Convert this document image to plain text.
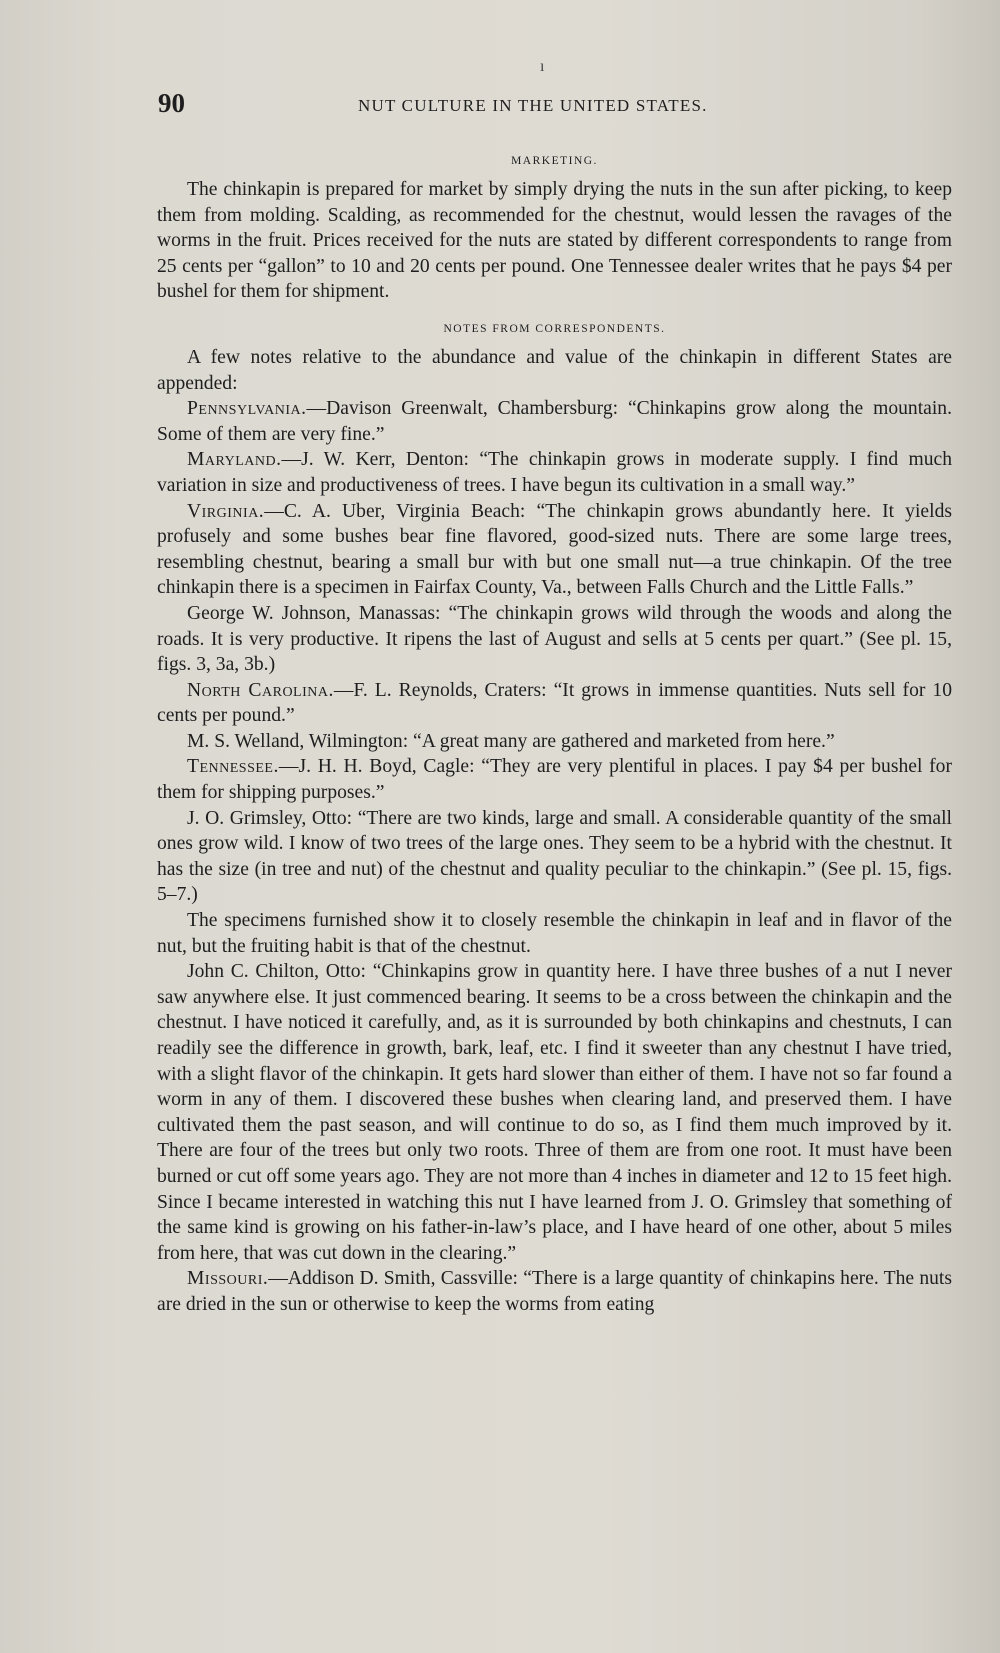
ı
90	NUT CULTURE IN THE UNITED STATES.
MARKETING.

The chinkapin is prepared for market by simply drying the nuts in the sun after picking, to keep them from molding. Scalding, as recommended for the chestnut, would lessen the ravages of the worms in the fruit. Prices received for the nuts are stated by different correspondents to range from 25 cents per “gallon” to 10 and 20 cents per pound. One Tennessee dealer writes that he pays $4 per bushel for them for shipment.

NOTES FROM CORRESPONDENTS.

A few notes relative to the abundance and value of the chinkapin in different States are appended:

Pennsylvania.—Davison Greenwalt, Chambersburg: “Chinkapins grow along the mountain. Some of them are very fine.”

Maryland.—J. W. Kerr, Denton: “The chinkapin grows in moderate supply. I find much variation in size and productiveness of trees. I have begun its cultivation in a small way.”

Virginia.—C. A. Uber, Virginia Beach: “The chinkapin grows abundantly here. It yields profusely and some bushes bear fine flavored, good-sized nuts. There are some large trees, resembling chestnut, bearing a small bur with but one small nut—a true chinkapin. Of the tree chinkapin there is a specimen in Fairfax County, Va., between Falls Church and the Little Falls.”

George W. Johnson, Manassas: “The chinkapin grows wild through the woods and along the roads. It is very productive. It ripens the last of August and sells at 5 cents per quart.” (See pl. 15, figs. 3, 3a, 3b.)

North Carolina.—F. L. Reynolds, Craters: “It grows in immense quantities. Nuts sell for 10 cents per pound.”

M. S. Welland, Wilmington: “A great many are gathered and marketed from here.”

Tennessee.—J. H. H. Boyd, Cagle: “They are very plentiful in places. I pay $4 per bushel for them for shipping purposes.”

J. O. Grimsley, Otto: “There are two kinds, large and small. A considerable quantity of the small ones grow wild. I know of two trees of the large ones. They seem to be a hybrid with the chestnut. It has the size (in tree and nut) of the chestnut and quality peculiar to the chinkapin.” (See pl. 15, figs. 5–7.)

The specimens furnished show it to closely resemble the chinkapin in leaf and in flavor of the nut, but the fruiting habit is that of the chestnut.

John C. Chilton, Otto: “Chinkapins grow in quantity here. I have three bushes of a nut I never saw anywhere else. It just commenced bearing. It seems to be a cross between the chinkapin and the chestnut. I have noticed it carefully, and, as it is surrounded by both chinkapins and chestnuts, I can readily see the difference in growth, bark, leaf, etc. I find it sweeter than any chestnut I have tried, with a slight flavor of the chinkapin. It gets hard slower than either of them. I have not so far found a worm in any of them. I discovered these bushes when clearing land, and preserved them. I have cultivated them the past season, and will continue to do so, as I find them much improved by it. There are four of the trees but only two roots. Three of them are from one root. It must have been burned or cut off some years ago. They are not more than 4 inches in diameter and 12 to 15 feet high. Since I became interested in watching this nut I have learned from J. O. Grimsley that something of the same kind is growing on his father-in-law’s place, and I have heard of one other, about 5 miles from here, that was cut down in the clearing.”

Missouri.—Addison D. Smith, Cassville: “There is a large quantity of chinkapins here. The nuts are dried in the sun or otherwise to keep the worms from eating
